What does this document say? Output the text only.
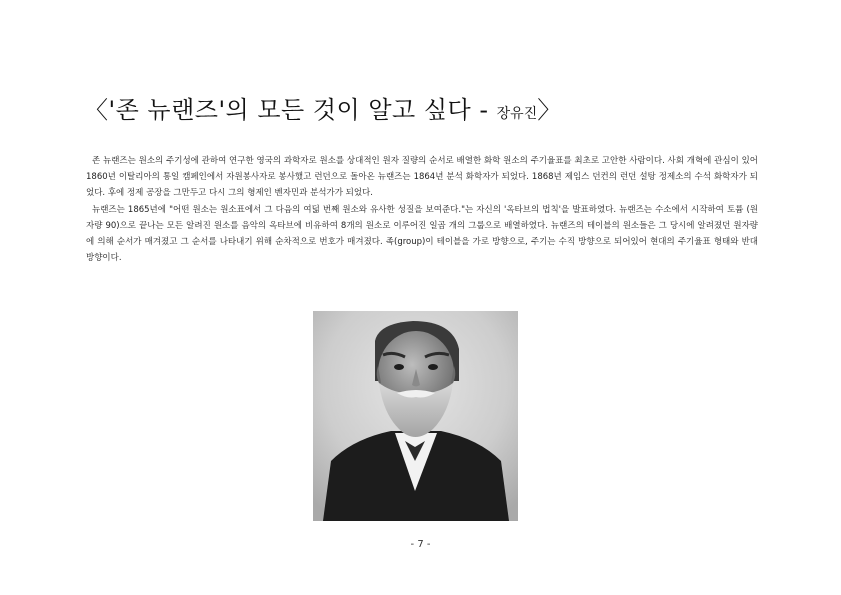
〈'존 뉴랜즈'의 모든 것이 알고 싶다 - 장유진〉

존 뉴랜즈는 원소의 주기성에 관하여 연구한 영국의 과학자로 원소를 상대적인 원자 질량의 순서로 배열한 화학 원소의 주기율표를 최초로 고안한 사람이다. 사회 개혁에 관심이 있어 1860년 이탈리아의 통일 캠페인에서 자원봉사자로 봉사했고 런던으로 돌아온 뉴랜즈는 1864년 분석 화학자가 되었다. 1868년 제임스 던컨의 런던 설탕 정제소의 수석 화학자가 되었다. 후에 정제 공장을 그만두고 다시 그의 형제인 벤자민과 분석가가 되었다.

뉴랜즈는 1865년에 "어떤 원소는 원소표에서 그 다음의 여덟 번째 원소와 유사한 성질을 보여준다."는 자신의 '옥타브의 법칙'을 발표하였다. 뉴랜즈는 수소에서 시작하여 토륨 (원자량 90)으로 끝나는 모든 알려진 원소를 음악의 옥타브에 비유하여 8개의 원소로 이루어진 일곱 개의 그룹으로 배열하였다. 뉴랜즈의 테이블의 원소들은 그 당시에 알려졌던 원자량에 의해 순서가 매겨졌고 그 순서를 나타내기 위해 순차적으로 번호가 매겨졌다. 족(group)이 테이블을 가로 방향으로, 주기는 수직 방향으로 되어있어 현대의 주기율표 형태와 반대 방향이다.

- 7 -
